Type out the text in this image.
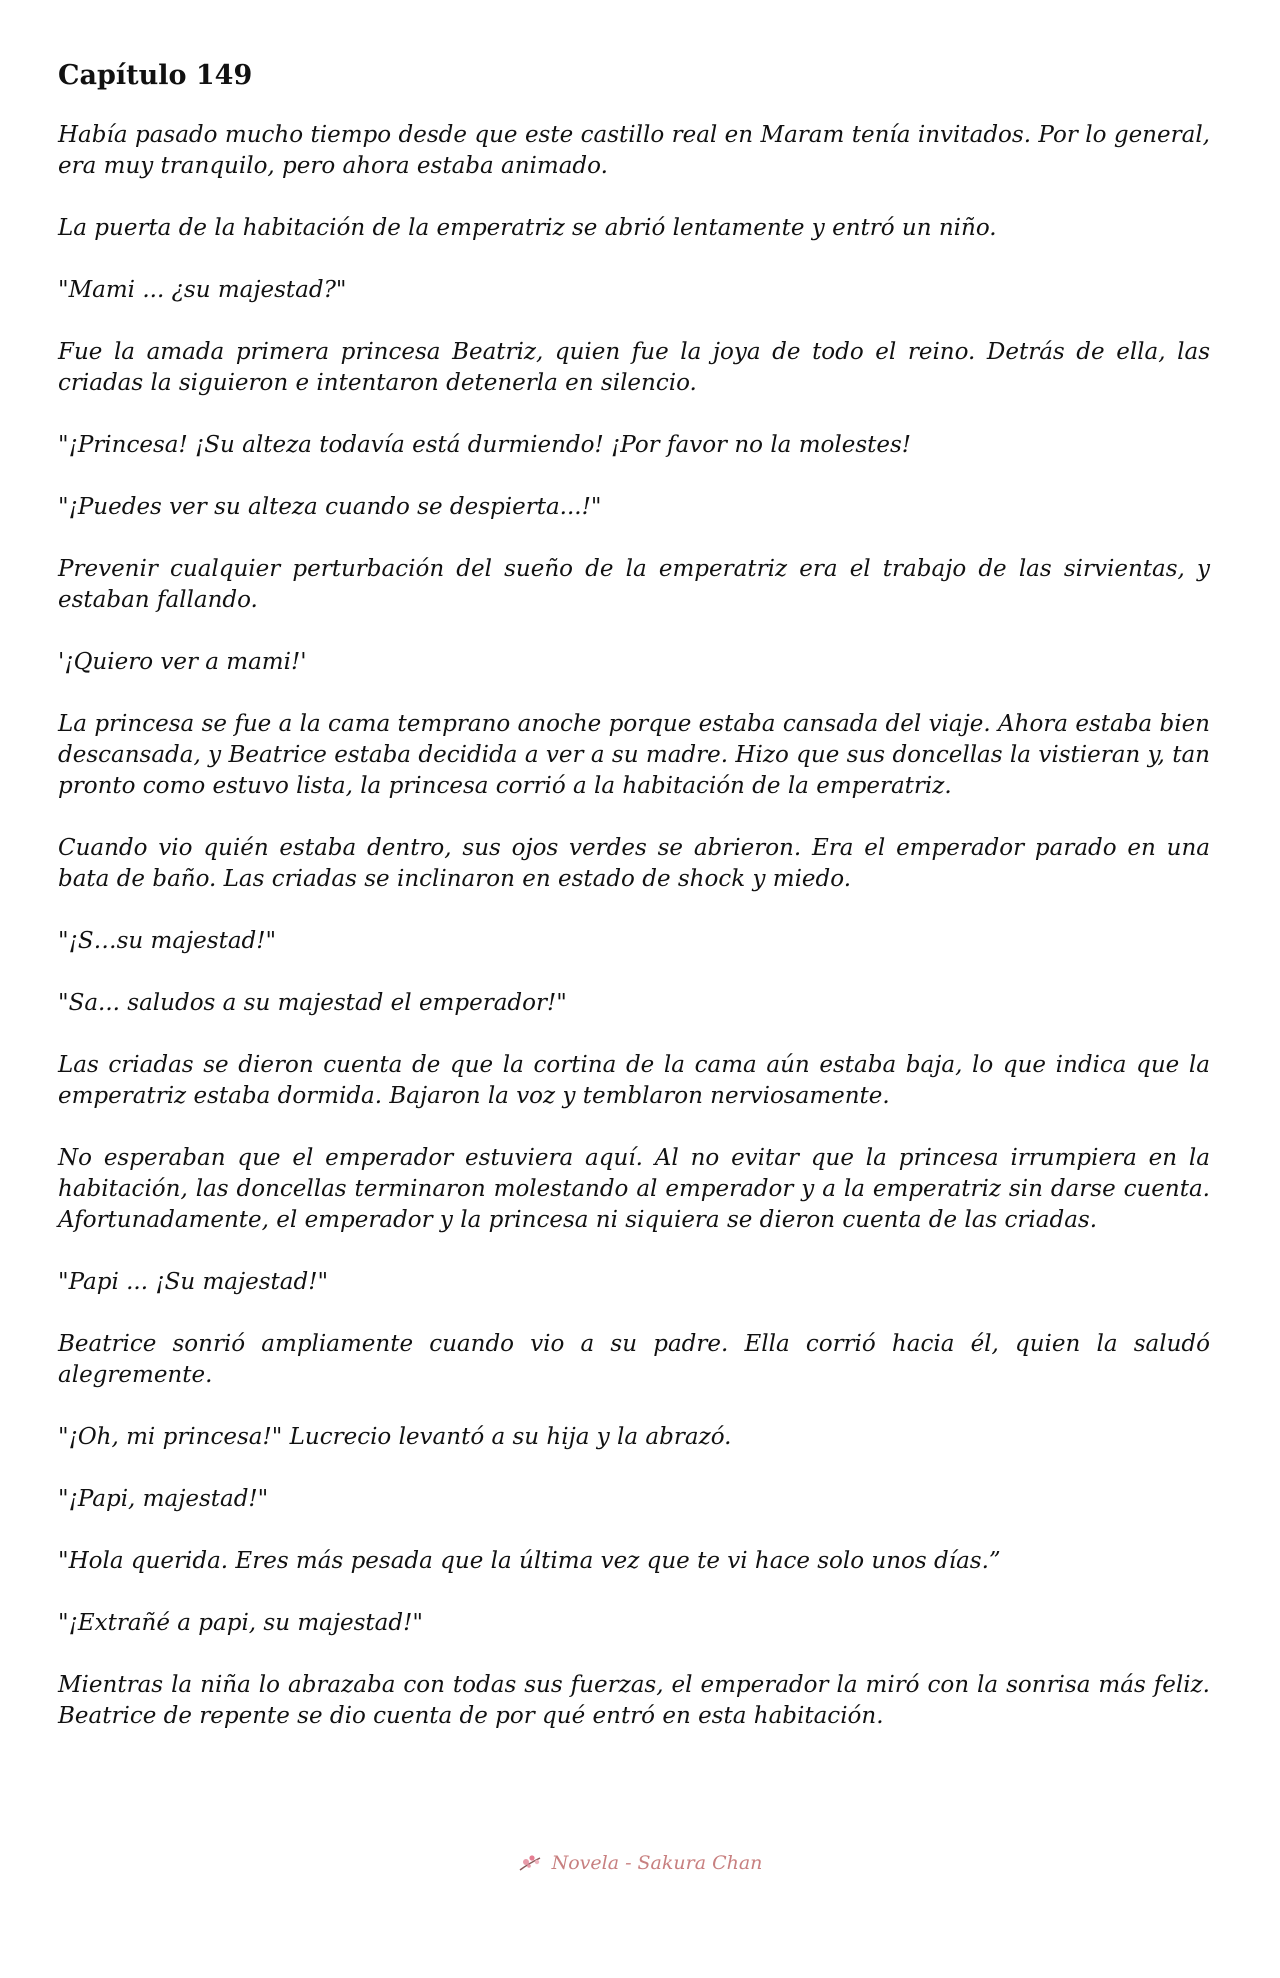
Capítulo 149

Había pasado mucho tiempo desde que este castillo real en Maram tenía invitados. Por lo general, era muy tranquilo, pero ahora estaba animado.

La puerta de la habitación de la emperatriz se abrió lentamente y entró un niño.

"Mami ... ¿su majestad?"

Fue la amada primera princesa Beatriz, quien fue la joya de todo el reino. Detrás de ella, las criadas la siguieron e intentaron detenerla en silencio.

"¡Princesa! ¡Su alteza todavía está durmiendo! ¡Por favor no la molestes!

"¡Puedes ver su alteza cuando se despierta...!"

Prevenir cualquier perturbación del sueño de la emperatriz era el trabajo de las sirvientas, y estaban fallando.

'¡Quiero ver a mami!'

La princesa se fue a la cama temprano anoche porque estaba cansada del viaje. Ahora estaba bien descansada, y Beatrice estaba decidida a ver a su madre. Hizo que sus doncellas la vistieran y, tan pronto como estuvo lista, la princesa corrió a la habitación de la emperatriz.

Cuando vio quién estaba dentro, sus ojos verdes se abrieron. Era el emperador parado en una bata de baño. Las criadas se inclinaron en estado de shock y miedo.

"¡S…su majestad!"

"Sa... saludos a su majestad el emperador!"

Las criadas se dieron cuenta de que la cortina de la cama aún estaba baja, lo que indica que la emperatriz estaba dormida. Bajaron la voz y temblaron nerviosamente.

No esperaban que el emperador estuviera aquí. Al no evitar que la princesa irrumpiera en la habitación, las doncellas terminaron molestando al emperador y a la emperatriz sin darse cuenta. Afortunadamente, el emperador y la princesa ni siquiera se dieron cuenta de las criadas.

"Papi ... ¡Su majestad!"

Beatrice sonrió ampliamente cuando vio a su padre. Ella corrió hacia él, quien la saludó alegremente.

"¡Oh, mi princesa!" Lucrecio levantó a su hija y la abrazó.

"¡Papi, majestad!"

"Hola querida. Eres más pesada que la última vez que te vi hace solo unos días.”

"¡Extrañé a papi, su majestad!"

Mientras la niña lo abrazaba con todas sus fuerzas, el emperador la miró con la sonrisa más feliz. Beatrice de repente se dio cuenta de por qué entró en esta habitación.

Novela - Sakura Chan
